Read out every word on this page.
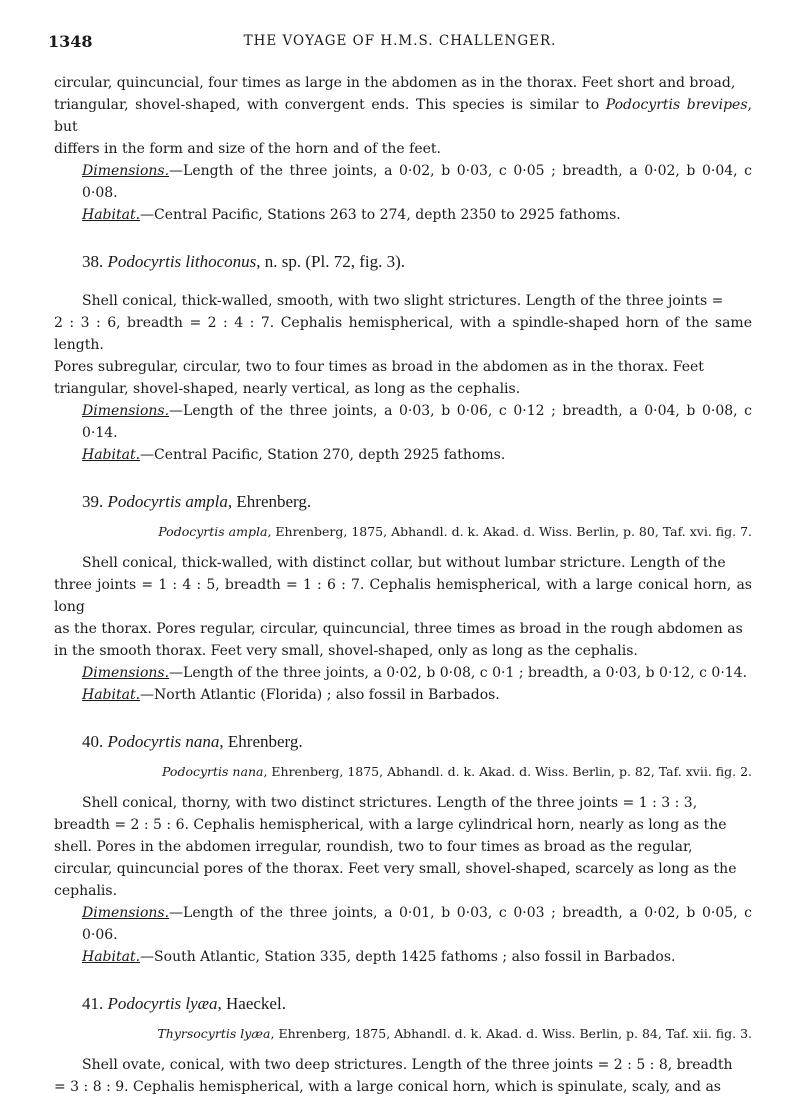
1348	THE VOYAGE OF H.M.S. CHALLENGER.

circular, quincuncial, four times as large in the abdomen as in the thorax. Feet short and broad,

triangular, shovel-shaped, with convergent ends. This species is similar to Podocyrtis brevipes, but

differs in the form and size of the horn and of the feet.

Dimensions.—Length of the three joints, a 0·02, b 0·03, c 0·05 ; breadth, a 0·02, b 0·04, c 0·08.

Habitat.—Central Pacific, Stations 263 to 274, depth 2350 to 2925 fathoms.

38. Podocyrtis lithoconus, n. sp. (Pl. 72, fig. 3).

Shell conical, thick-walled, smooth, with two slight strictures. Length of the three joints =

2 : 3 : 6, breadth = 2 : 4 : 7. Cephalis hemispherical, with a spindle-shaped horn of the same length.

Pores subregular, circular, two to four times as broad in the abdomen as in the thorax. Feet

triangular, shovel-shaped, nearly vertical, as long as the cephalis.

Dimensions.—Length of the three joints, a 0·03, b 0·06, c 0·12 ; breadth, a 0·04, b 0·08, c 0·14.

Habitat.—Central Pacific, Station 270, depth 2925 fathoms.

39. Podocyrtis ampla, Ehrenberg.

Podocyrtis ampla, Ehrenberg, 1875, Abhandl. d. k. Akad. d. Wiss. Berlin, p. 80, Taf. xvi. fig. 7.

Shell conical, thick-walled, with distinct collar, but without lumbar stricture. Length of the

three joints = 1 : 4 : 5, breadth = 1 : 6 : 7. Cephalis hemispherical, with a large conical horn, as long

as the thorax. Pores regular, circular, quincuncial, three times as broad in the rough abdomen as

in the smooth thorax. Feet very small, shovel-shaped, only as long as the cephalis.

Dimensions.—Length of the three joints, a 0·02, b 0·08, c 0·1 ; breadth, a 0·03, b 0·12, c 0·14.

Habitat.—North Atlantic (Florida) ; also fossil in Barbados.

40. Podocyrtis nana, Ehrenberg.

Podocyrtis nana, Ehrenberg, 1875, Abhandl. d. k. Akad. d. Wiss. Berlin, p. 82, Taf. xvii. fig. 2.

Shell conical, thorny, with two distinct strictures. Length of the three joints = 1 : 3 : 3,

breadth = 2 : 5 : 6. Cephalis hemispherical, with a large cylindrical horn, nearly as long as the

shell. Pores in the abdomen irregular, roundish, two to four times as broad as the regular,

circular, quincuncial pores of the thorax. Feet very small, shovel-shaped, scarcely as long as the

cephalis.

Dimensions.—Length of the three joints, a 0·01, b 0·03, c 0·03 ; breadth, a 0·02, b 0·05, c 0·06.

Habitat.—South Atlantic, Station 335, depth 1425 fathoms ; also fossil in Barbados.

41. Podocyrtis lyæa, Haeckel.

Thyrsocyrtis lyæa, Ehrenberg, 1875, Abhandl. d. k. Akad. d. Wiss. Berlin, p. 84, Taf. xii. fig. 3.

Shell ovate, conical, with two deep strictures. Length of the three joints = 2 : 5 : 8, breadth

= 3 : 8 : 9. Cephalis hemispherical, with a large conical horn, which is spinulate, scaly, and as
